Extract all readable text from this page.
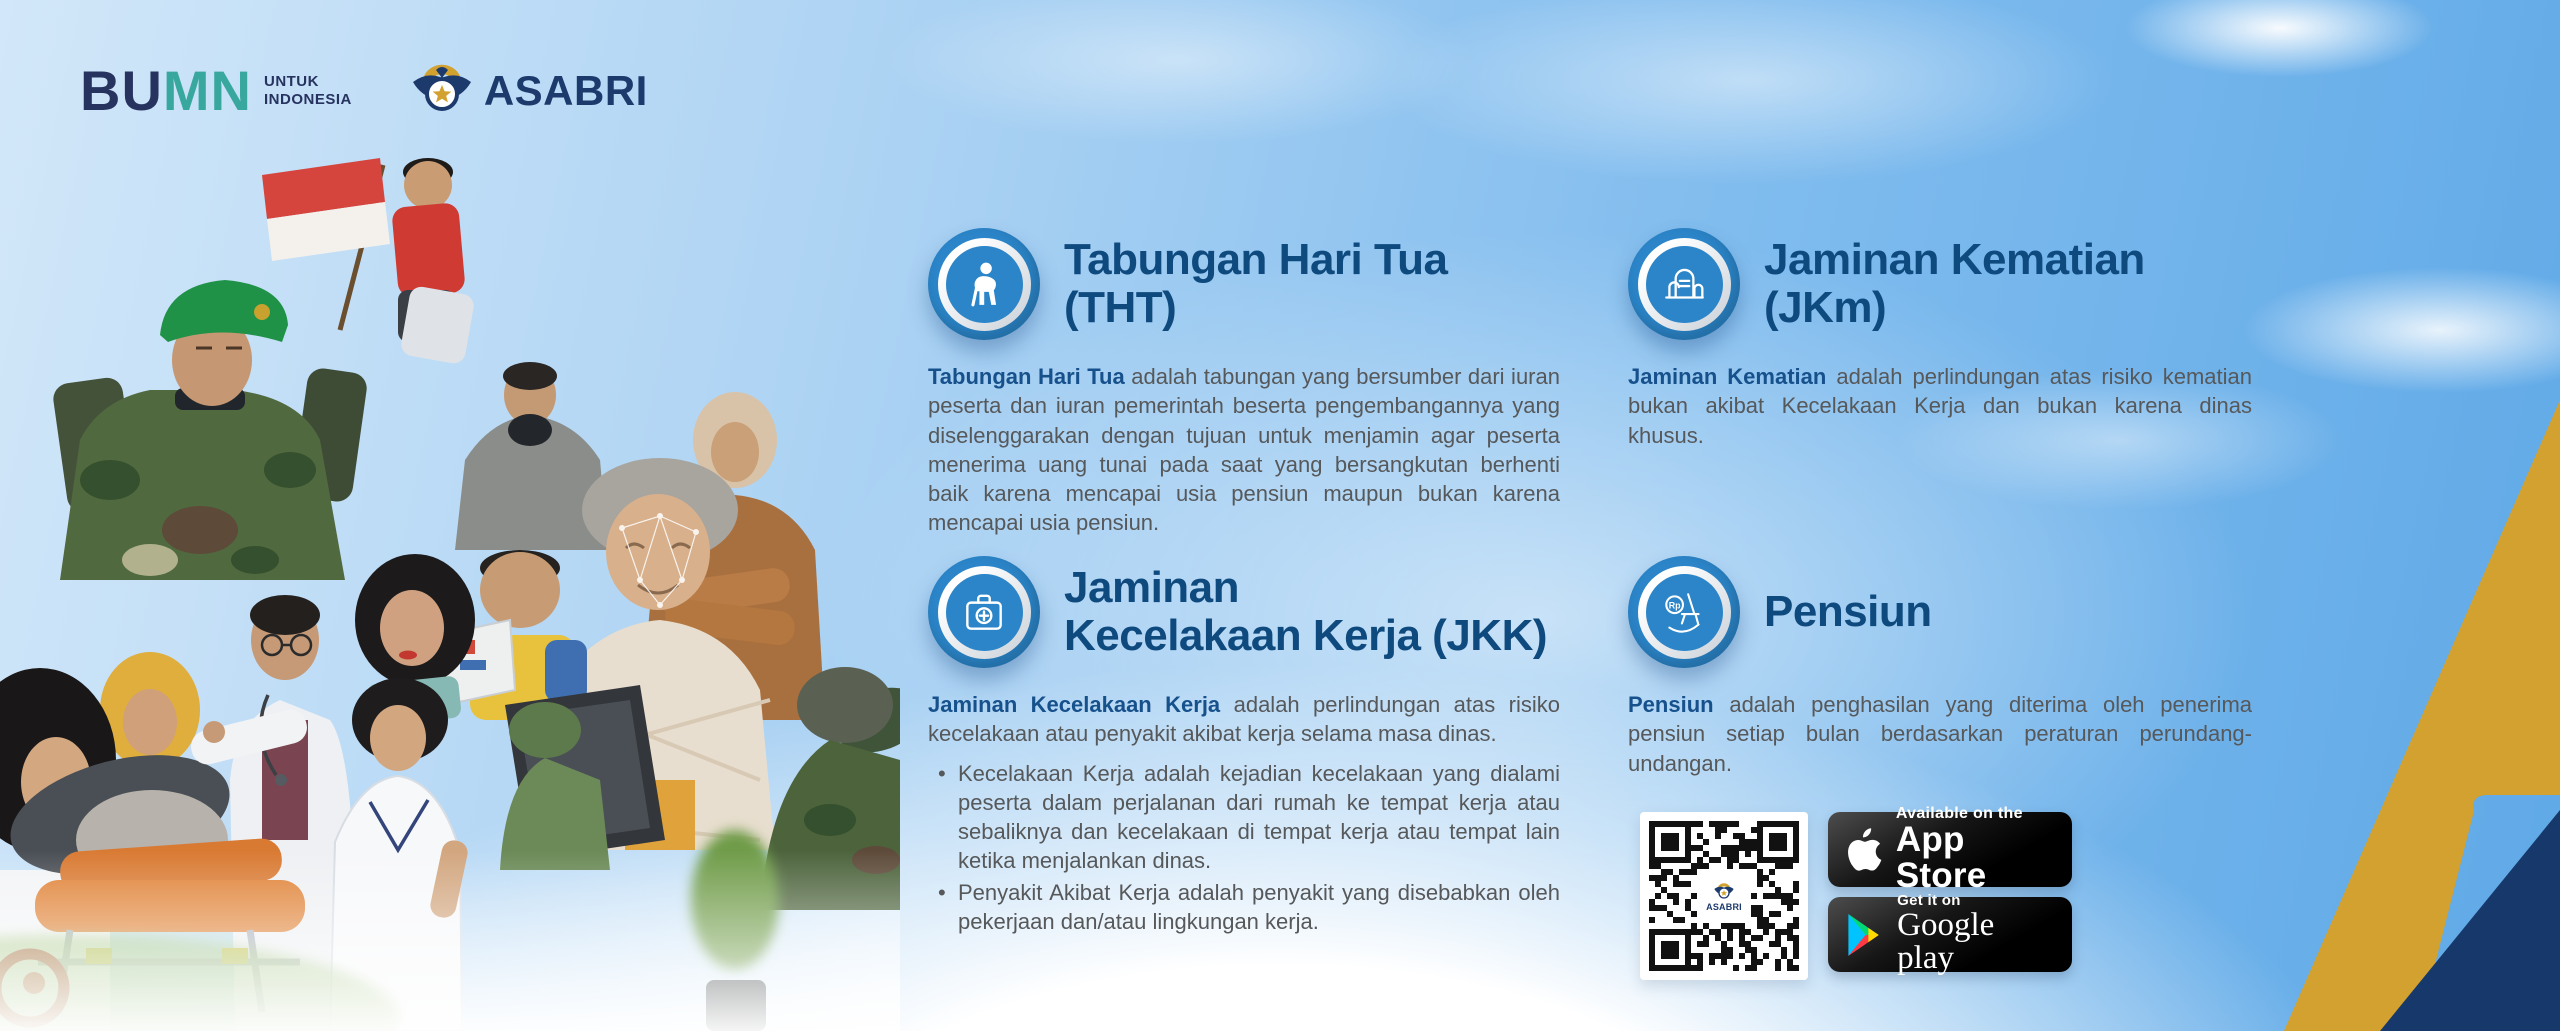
BUMN UNTUK
INDONESIA	ASABRI
Tabungan Hari Tua
(THT)

Tabungan Hari Tua adalah tabungan yang bersumber dari iuran peserta dan iuran pemerintah beserta pengembangannya yang diselenggarakan dengan tujuan untuk menjamin agar peserta menerima uang tunai pada saat yang bersangkutan berhenti baik karena mencapai usia pensiun maupun bukan karena mencapai usia pensiun.

Jaminan Kematian
(JKm)

Jaminan Kematian adalah perlindungan atas risiko kematian bukan akibat Kecelakaan Kerja dan bukan karena dinas khusus.

Jaminan
Kecelakaan Kerja (JKK)

Jaminan Kecelakaan Kerja adalah perlindungan atas risiko kecelakaan atau penyakit akibat kerja selama masa dinas.

• Kecelakaan Kerja adalah kejadian kecelakaan yang dialami peserta dalam perjalanan dari rumah ke tempat kerja atau sebaliknya dan kecelakaan di tempat kerja atau tempat lain ketika menjalankan dinas.
• Penyakit Akibat Kerja adalah penyakit yang disebabkan oleh pekerjaan dan/atau lingkungan kerja.
Rp Pensiun

Pensiun adalah penghasilan yang diterima oleh penerima pensiun setiap bulan berdasarkan peraturan perundang-undangan.

ASABRI
Available on the
App Store
Get it on
Google play
